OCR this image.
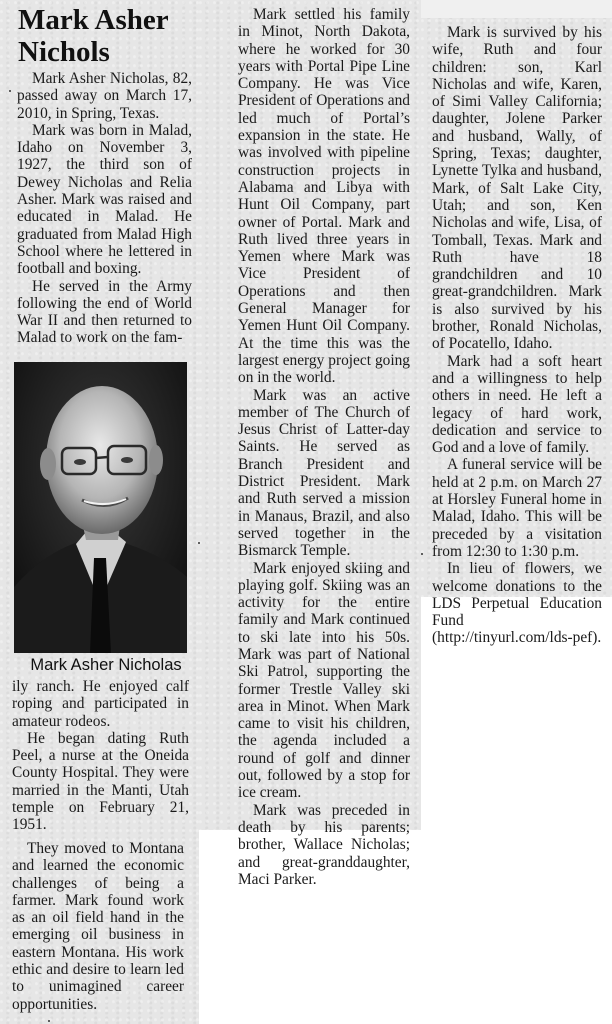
Mark Asher Nichols

Mark Asher Nicholas, 82, passed away on March 17, 2010, in Spring, Texas.

Mark was born in Malad, Idaho on November 3, 1927, the third son of Dewey Nicholas and Relia Asher. Mark was raised and educated in Malad. He graduated from Malad High School where he lettered in football and boxing.

He served in the Army following the end of World War II and then returned to Malad to work on the fam-

Mark Asher Nicholas

ily ranch. He enjoyed calf roping and participated in amateur rodeos.

He began dating Ruth Peel, a nurse at the Oneida County Hospital. They were married in the Manti, Utah temple on February 21, 1951.

They moved to Montana and learned the economic challenges of being a farmer. Mark found work as an oil field hand in the emerging oil business in eastern Montana. His work ethic and desire to learn led to unimagined career opportunities.

Mark settled his family in Minot, North Dakota, where he worked for 30 years with Portal Pipe Line Company. He was Vice President of Operations and led much of Portal’s expansion in the state. He was involved with pipeline construction projects in Alabama and Libya with Hunt Oil Company, part owner of Portal. Mark and Ruth lived three years in Yemen where Mark was Vice President of Operations and then General Manager for Yemen Hunt Oil Company. At the time this was the largest energy project going on in the world.

Mark was an active member of The Church of Jesus Christ of Latter-day Saints. He served as Branch President and District President. Mark and Ruth served a mission in Manaus, Brazil, and also served together in the Bismarck Temple.

Mark enjoyed skiing and playing golf. Skiing was an activity for the entire family and Mark continued to ski late into his 50s. Mark was part of National Ski Patrol, supporting the former Trestle Valley ski area in Minot. When Mark came to visit his children, the agenda included a round of golf and dinner out, followed by a stop for ice cream.

Mark was preceded in death by his parents; brother, Wallace Nicholas; and great-granddaughter, Maci Parker.

Mark is survived by his wife, Ruth and four children: son, Karl Nicholas and wife, Karen, of Simi Valley California; daughter, Jolene Parker and husband, Wally, of Spring, Texas; daughter, Lynette Tylka and husband, Mark, of Salt Lake City, Utah; and son, Ken Nicholas and wife, Lisa, of Tomball, Texas. Mark and Ruth have 18 grandchildren and 10 great-grandchildren. Mark is also survived by his brother, Ronald Nicholas, of Pocatello, Idaho.

Mark had a soft heart and a willingness to help others in need. He left a legacy of hard work, dedication and service to God and a love of family.

A funeral service will be held at 2 p.m. on March 27 at Horsley Funeral home in Malad, Idaho. This will be preceded by a visitation from 12:30 to 1:30 p.m.

In lieu of flowers, we welcome donations to the LDS Perpetual Education Fund (http://tinyurl.com/lds-pef).
